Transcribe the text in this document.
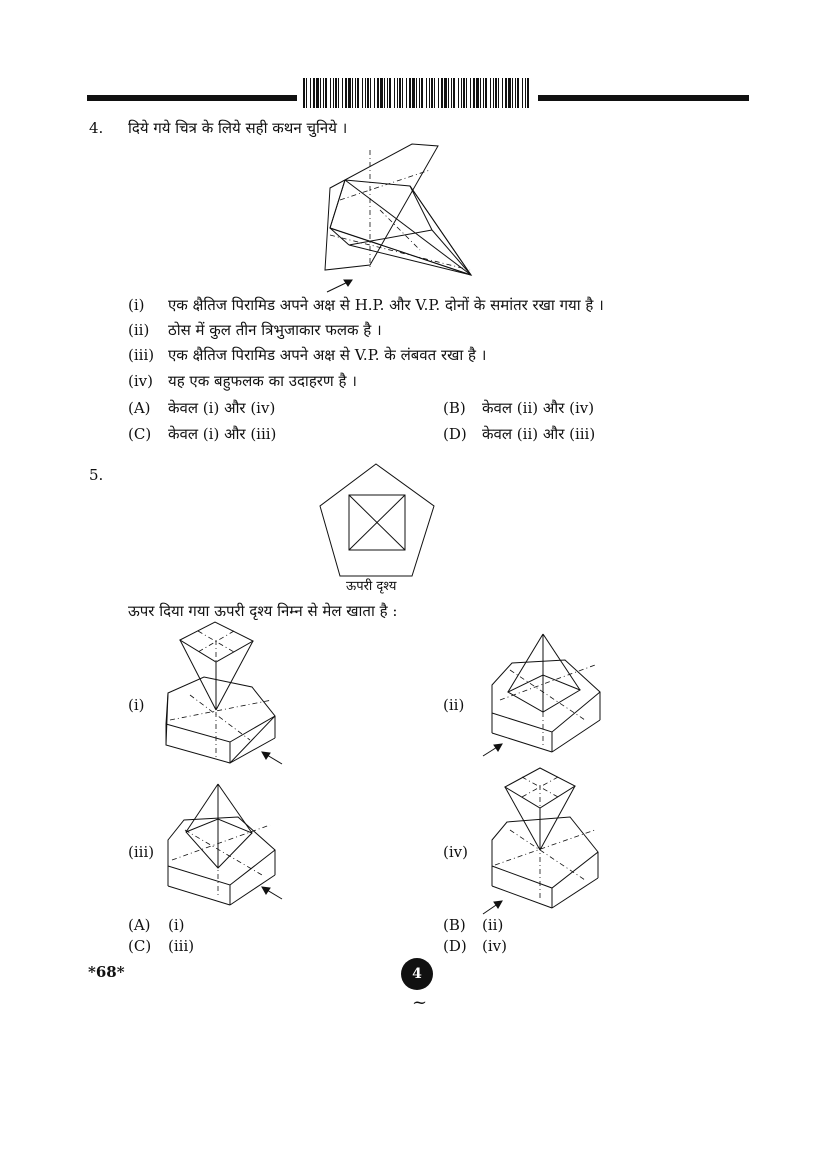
4. दिये गये चित्र के लिये सही कथन चुनिये ।
(i) एक क्षैतिज पिरामिड अपने अक्ष से H.P. और V.P. दोनों के समांतर रखा गया है ।
(ii) ठोस में कुल तीन त्रिभुजाकार फलक है ।
(iii) एक क्षैतिज पिरामिड अपने अक्ष से V.P. के लंबवत रखा है ।
(iv) यह एक बहुफलक का उदाहरण है ।
(A) केवल (i) और (iv)	(B) केवल (ii) और (iv)
(C) केवल (i) और (iii)	(D) केवल (ii) और (iii)
5.
ऊपरी दृश्य
ऊपर दिया गया ऊपरी दृश्य निम्न से मेल खाता है :
(i)	(ii)
(iii)	(iv)
(A) (i)	(B) (ii)
(C) (iii)	(D) (iv)
*68*	4
~
